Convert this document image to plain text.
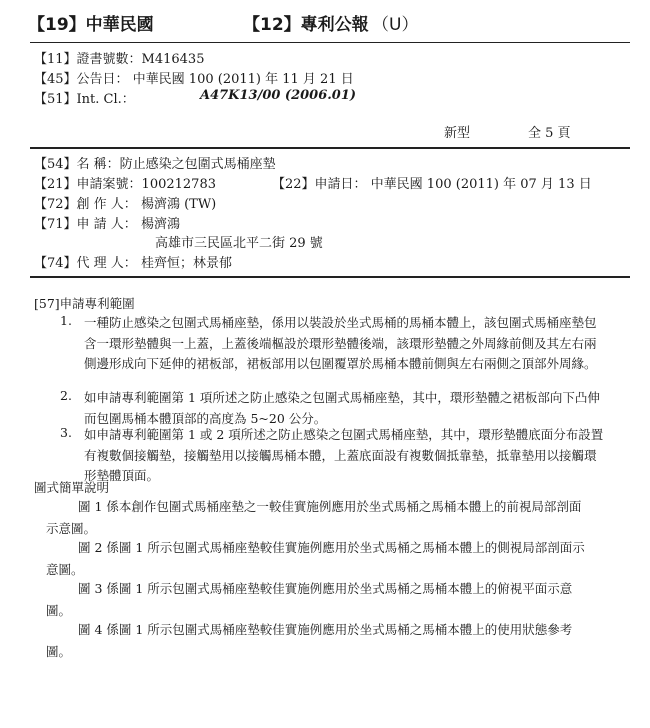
【19】中華民國	【12】專利公報 （U）
【11】證書號數：M416435
【45】公告日： 中華民國 100 (2011) 年 11 月 21 日
【51】Int. Cl.：	A47K13/00 (2006.01)
新型	全 5 頁
【54】名 稱：防止感染之包圍式馬桶座墊
【21】申請案號：100212783	【22】申請日： 中華民國 100 (2011) 年 07 月 13 日
【72】創 作 人： 楊濟鴻 (TW)
【71】申 請 人： 楊濟鴻
高雄市三民區北平二街 29 號
【74】代 理 人： 桂齊恒；林景郁
[57]申請專利範圍
1. 一種防止感染之包圍式馬桶座墊，係用以裝設於坐式馬桶的馬桶本體上，該包圍式馬桶座墊包含一環形墊體與一上蓋，上蓋後端樞設於環形墊體後端，該環形墊體之外周緣前側及其左右兩側邊形成向下延伸的裙板部，裙板部用以包圍覆罩於馬桶本體前側與左右兩側之頂部外周緣。
2. 如申請專利範圍第 1 項所述之防止感染之包圍式馬桶座墊，其中，環形墊體之裙板部向下凸伸而包圍馬桶本體頂部的高度為 5~20 公分。
3. 如申請專利範圍第 1 或 2 項所述之防止感染之包圍式馬桶座墊，其中，環形墊體底面分布設置有複數個接觸墊，接觸墊用以接觸馬桶本體，上蓋底面設有複數個抵靠墊，抵靠墊用以接觸環形墊體頂面。
圖式簡單說明
圖 1 係本創作包圍式馬桶座墊之一較佳實施例應用於坐式馬桶之馬桶本體上的前視局部剖面示意圖。
圖 2 係圖 1 所示包圍式馬桶座墊較佳實施例應用於坐式馬桶之馬桶本體上的側視局部剖面示意圖。
圖 3 係圖 1 所示包圍式馬桶座墊較佳實施例應用於坐式馬桶之馬桶本體上的俯視平面示意圖。
圖 4 係圖 1 所示包圍式馬桶座墊較佳實施例應用於坐式馬桶之馬桶本體上的使用狀態參考圖。
